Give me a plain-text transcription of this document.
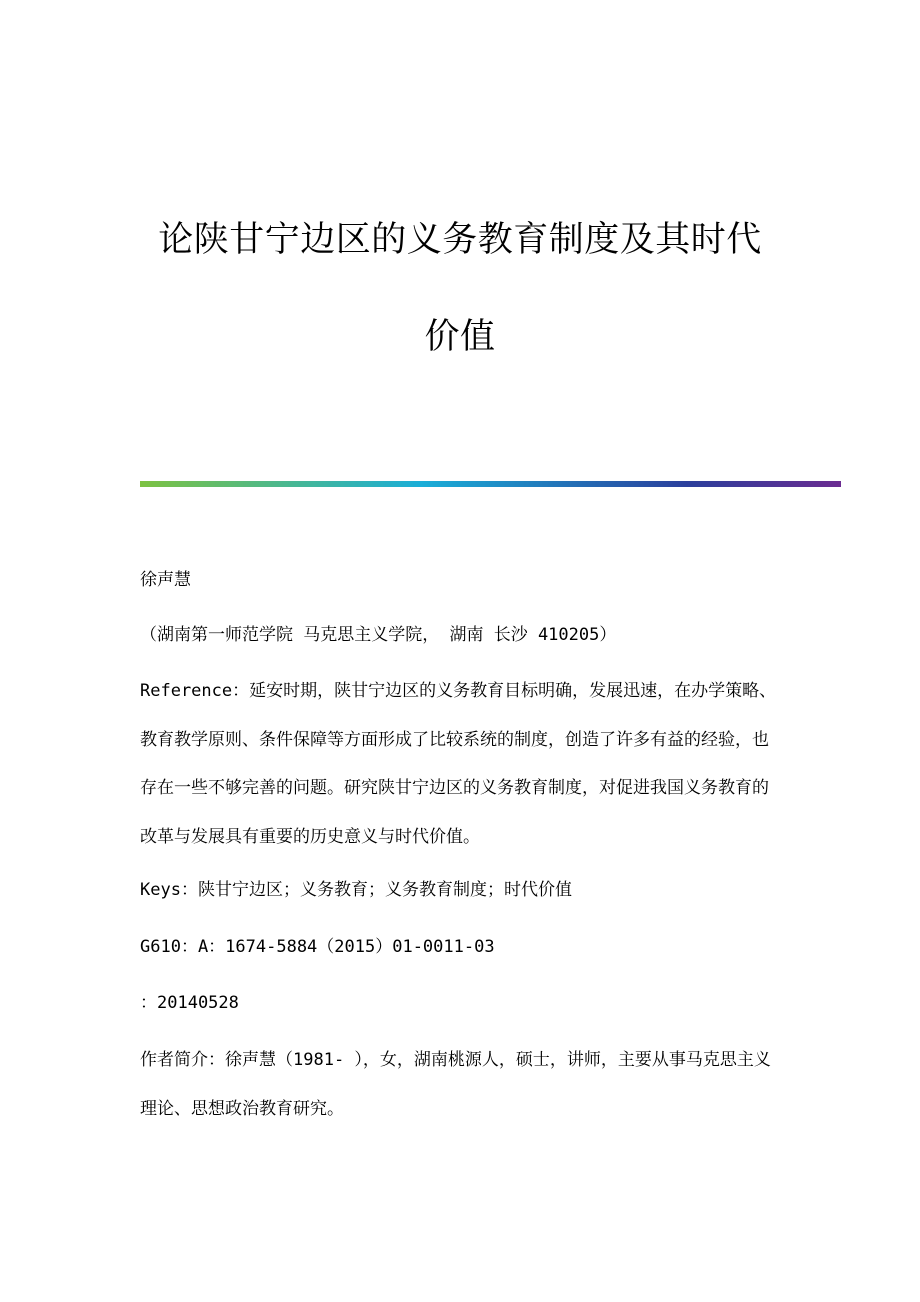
论陕甘宁边区的义务教育制度及其时代
价值

徐声慧

（湖南第一师范学院 马克思主义学院， 湖南 长沙 410205）

Reference：延安时期，陕甘宁边区的义务教育目标明确，发展迅速，在办学策略、教育教学原则、条件保障等方面形成了比较系统的制度，创造了许多有益的经验，也存在一些不够完善的问题。研究陕甘宁边区的义务教育制度，对促进我国义务教育的改革与发展具有重要的历史意义与时代价值。

Keys：陕甘宁边区；义务教育；义务教育制度；时代价值

G610：A：1674-5884（2015）01-0011-03

：20140528

作者简介：徐声慧（1981- ），女，湖南桃源人，硕士，讲师，主要从事马克思主义理论、思想政治教育研究。
